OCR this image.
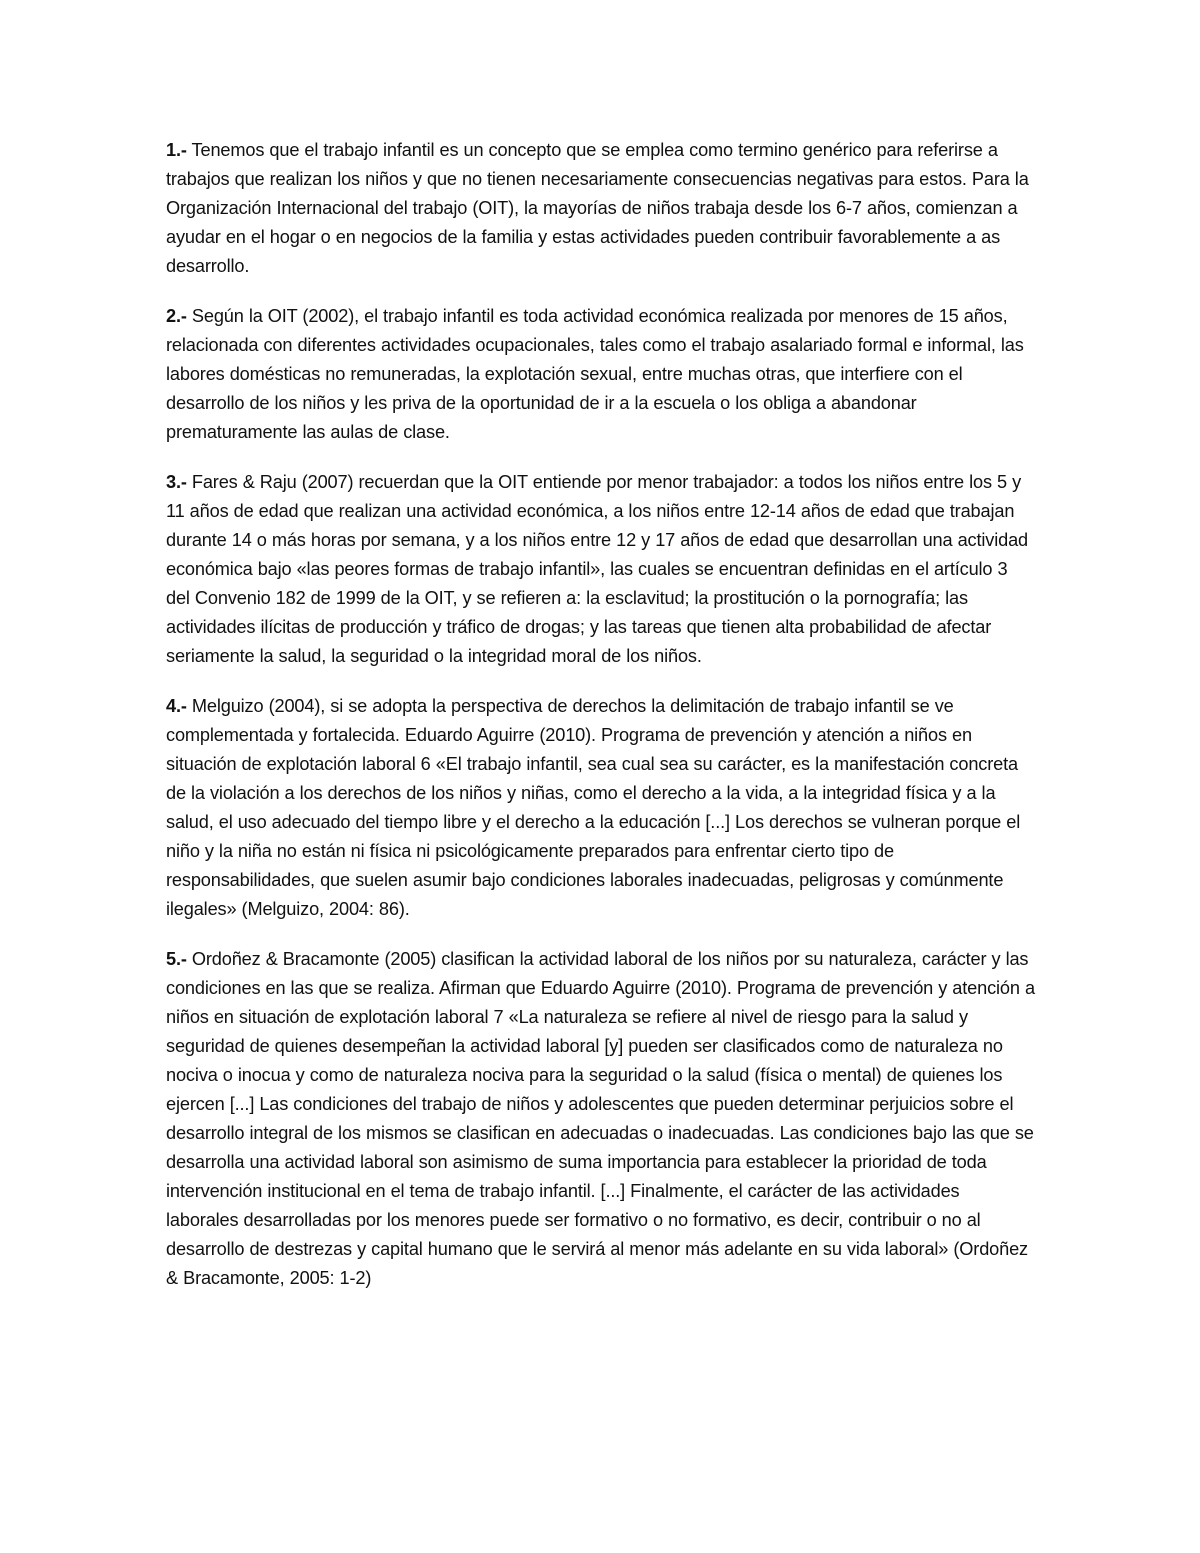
1.- Tenemos que el trabajo infantil es un concepto que se emplea como termino genérico para referirse a trabajos que realizan los niños y que no tienen necesariamente consecuencias negativas para estos. Para la Organización Internacional del trabajo (OIT), la mayorías de niños trabaja desde los 6-7 años, comienzan a ayudar en el hogar o en negocios de la familia y estas actividades pueden contribuir favorablemente a as desarrollo.

2.- Según la OIT (2002), el trabajo infantil es toda actividad económica realizada por menores de 15 años, relacionada con diferentes actividades ocupacionales, tales como el trabajo asalariado formal e informal, las labores domésticas no remuneradas, la explotación sexual, entre muchas otras, que interfiere con el desarrollo de los niños y les priva de la oportunidad de ir a la escuela o los obliga a abandonar prematuramente las aulas de clase.

3.- Fares & Raju (2007) recuerdan que la OIT entiende por menor trabajador: a todos los niños entre los 5 y 11 años de edad que realizan una actividad económica, a los niños entre 12-14 años de edad que trabajan durante 14 o más horas por semana, y a los niños entre 12 y 17 años de edad que desarrollan una actividad económica bajo «las peores formas de trabajo infantil», las cuales se encuentran definidas en el artículo 3 del Convenio 182 de 1999 de la OIT, y se refieren a: la esclavitud; la prostitución o la pornografía; las actividades ilícitas de producción y tráfico de drogas; y las tareas que tienen alta probabilidad de afectar seriamente la salud, la seguridad o la integridad moral de los niños.

4.- Melguizo (2004), si se adopta la perspectiva de derechos la delimitación de trabajo infantil se ve complementada y fortalecida. Eduardo Aguirre (2010). Programa de prevención y atención a niños en situación de explotación laboral 6 «El trabajo infantil, sea cual sea su carácter, es la manifestación concreta de la violación a los derechos de los niños y niñas, como el derecho a la vida, a la integridad física y a la salud, el uso adecuado del tiempo libre y el derecho a la educación [...] Los derechos se vulneran porque el niño y la niña no están ni física ni psicológicamente preparados para enfrentar cierto tipo de responsabilidades, que suelen asumir bajo condiciones laborales inadecuadas, peligrosas y comúnmente ilegales» (Melguizo, 2004: 86).

5.- Ordoñez & Bracamonte (2005) clasifican la actividad laboral de los niños por su naturaleza, carácter y las condiciones en las que se realiza. Afirman que Eduardo Aguirre (2010). Programa de prevención y atención a niños en situación de explotación laboral 7 «La naturaleza se refiere al nivel de riesgo para la salud y seguridad de quienes desempeñan la actividad laboral [y] pueden ser clasificados como de naturaleza no nociva o inocua y como de naturaleza nociva para la seguridad o la salud (física o mental) de quienes los ejercen [...] Las condiciones del trabajo de niños y adolescentes que pueden determinar perjuicios sobre el desarrollo integral de los mismos se clasifican en adecuadas o inadecuadas. Las condiciones bajo las que se desarrolla una actividad laboral son asimismo de suma importancia para establecer la prioridad de toda intervención institucional en el tema de trabajo infantil. [...] Finalmente, el carácter de las actividades laborales desarrolladas por los menores puede ser formativo o no formativo, es decir, contribuir o no al desarrollo de destrezas y capital humano que le servirá al menor más adelante en su vida laboral» (Ordoñez & Bracamonte, 2005: 1-2)
